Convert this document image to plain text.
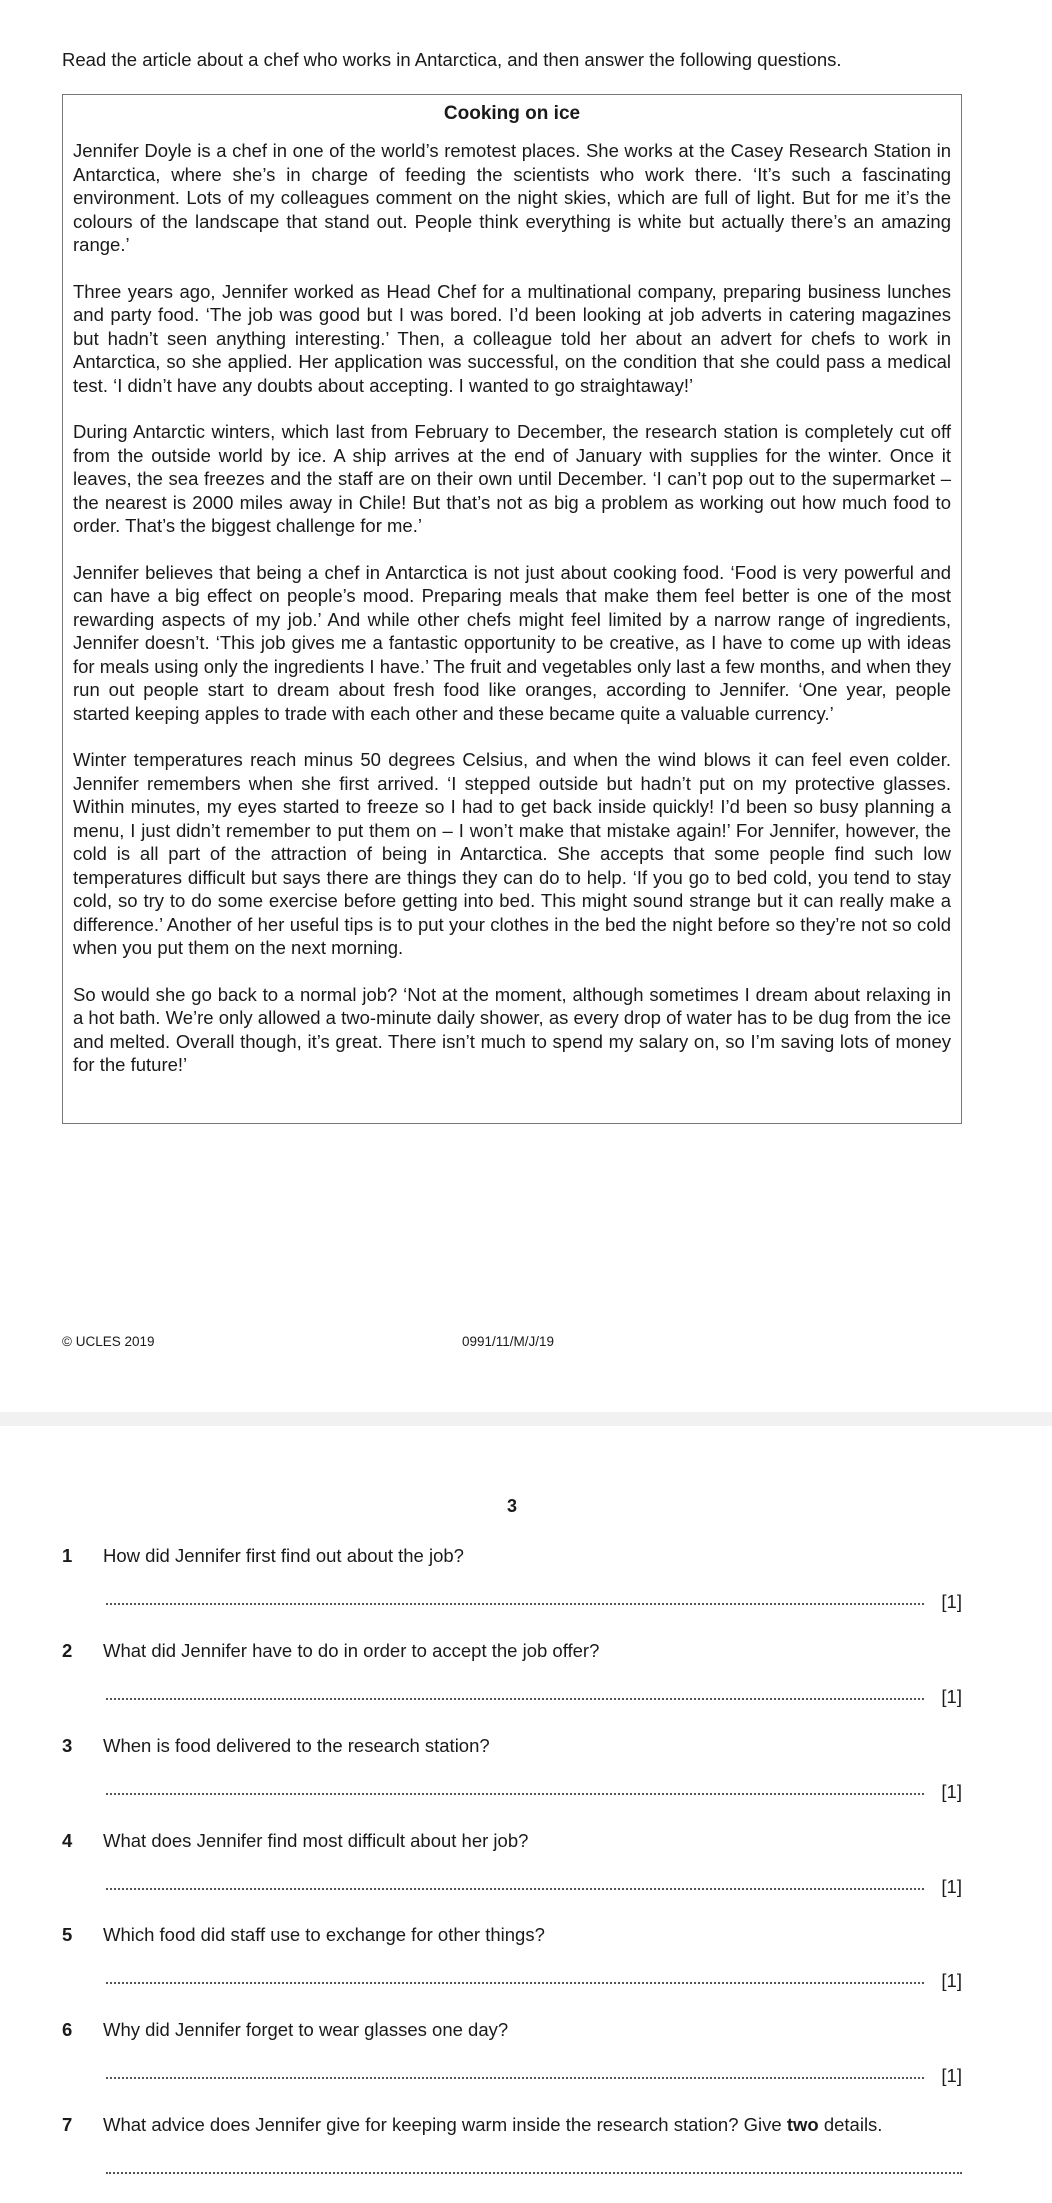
Read the article about a chef who works in Antarctica, and then answer the following questions.
Cooking on ice

Jennifer Doyle is a chef in one of the world’s remotest places. She works at the Casey Research Station in Antarctica, where she’s in charge of feeding the scientists who work there. ‘It’s such a fascinating environment. Lots of my colleagues comment on the night skies, which are full of light. But for me it’s the colours of the landscape that stand out. People think everything is white but actually there’s an amazing range.’

Three years ago, Jennifer worked as Head Chef for a multinational company, preparing business lunches and party food. ‘The job was good but I was bored. I’d been looking at job adverts in catering magazines but hadn’t seen anything interesting.’ Then, a colleague told her about an advert for chefs to work in Antarctica, so she applied. Her application was successful, on the condition that she could pass a medical test. ‘I didn’t have any doubts about accepting. I wanted to go straightaway!’

During Antarctic winters, which last from February to December, the research station is completely cut off from the outside world by ice. A ship arrives at the end of January with supplies for the winter. Once it leaves, the sea freezes and the staff are on their own until December. ‘I can’t pop out to the supermarket – the nearest is 2000 miles away in Chile! But that’s not as big a problem as working out how much food to order. That’s the biggest challenge for me.’

Jennifer believes that being a chef in Antarctica is not just about cooking food. ‘Food is very powerful and can have a big effect on people’s mood. Preparing meals that make them feel better is one of the most rewarding aspects of my job.’ And while other chefs might feel limited by a narrow range of ingredients, Jennifer doesn’t. ‘This job gives me a fantastic opportunity to be creative, as I have to come up with ideas for meals using only the ingredients I have.’ The fruit and vegetables only last a few months, and when they run out people start to dream about fresh food like oranges, according to Jennifer. ‘One year, people started keeping apples to trade with each other and these became quite a valuable currency.’

Winter temperatures reach minus 50 degrees Celsius, and when the wind blows it can feel even colder. Jennifer remembers when she first arrived. ‘I stepped outside but hadn’t put on my protective glasses. Within minutes, my eyes started to freeze so I had to get back inside quickly! I’d been so busy planning a menu, I just didn’t remember to put them on – I won’t make that mistake again!’ For Jennifer, however, the cold is all part of the attraction of being in Antarctica. She accepts that some people find such low temperatures difficult but says there are things they can do to help. ‘If you go to bed cold, you tend to stay cold, so try to do some exercise before getting into bed. This might sound strange but it can really make a difference.’ Another of her useful tips is to put your clothes in the bed the night before so they’re not so cold when you put them on the next morning.

So would she go back to a normal job? ‘Not at the moment, although sometimes I dream about relaxing in a hot bath. We’re only allowed a two-minute daily shower, as every drop of water has to be dug from the ice and melted. Overall though, it’s great. There isn’t much to spend my salary on, so I’m saving lots of money for the future!’

© UCLES 2019	0991/11/M/J/19
3
1 How did Jennifer first find out about the job?
[1]
2 What did Jennifer have to do in order to accept the job offer?
[1]
3 When is food delivered to the research station?
[1]
4 What does Jennifer find most difficult about her job?
[1]
5 Which food did staff use to exchange for other things?
[1]
6 Why did Jennifer forget to wear glasses one day?
[1]
7 What advice does Jennifer give for keeping warm inside the research station? Give two details.
